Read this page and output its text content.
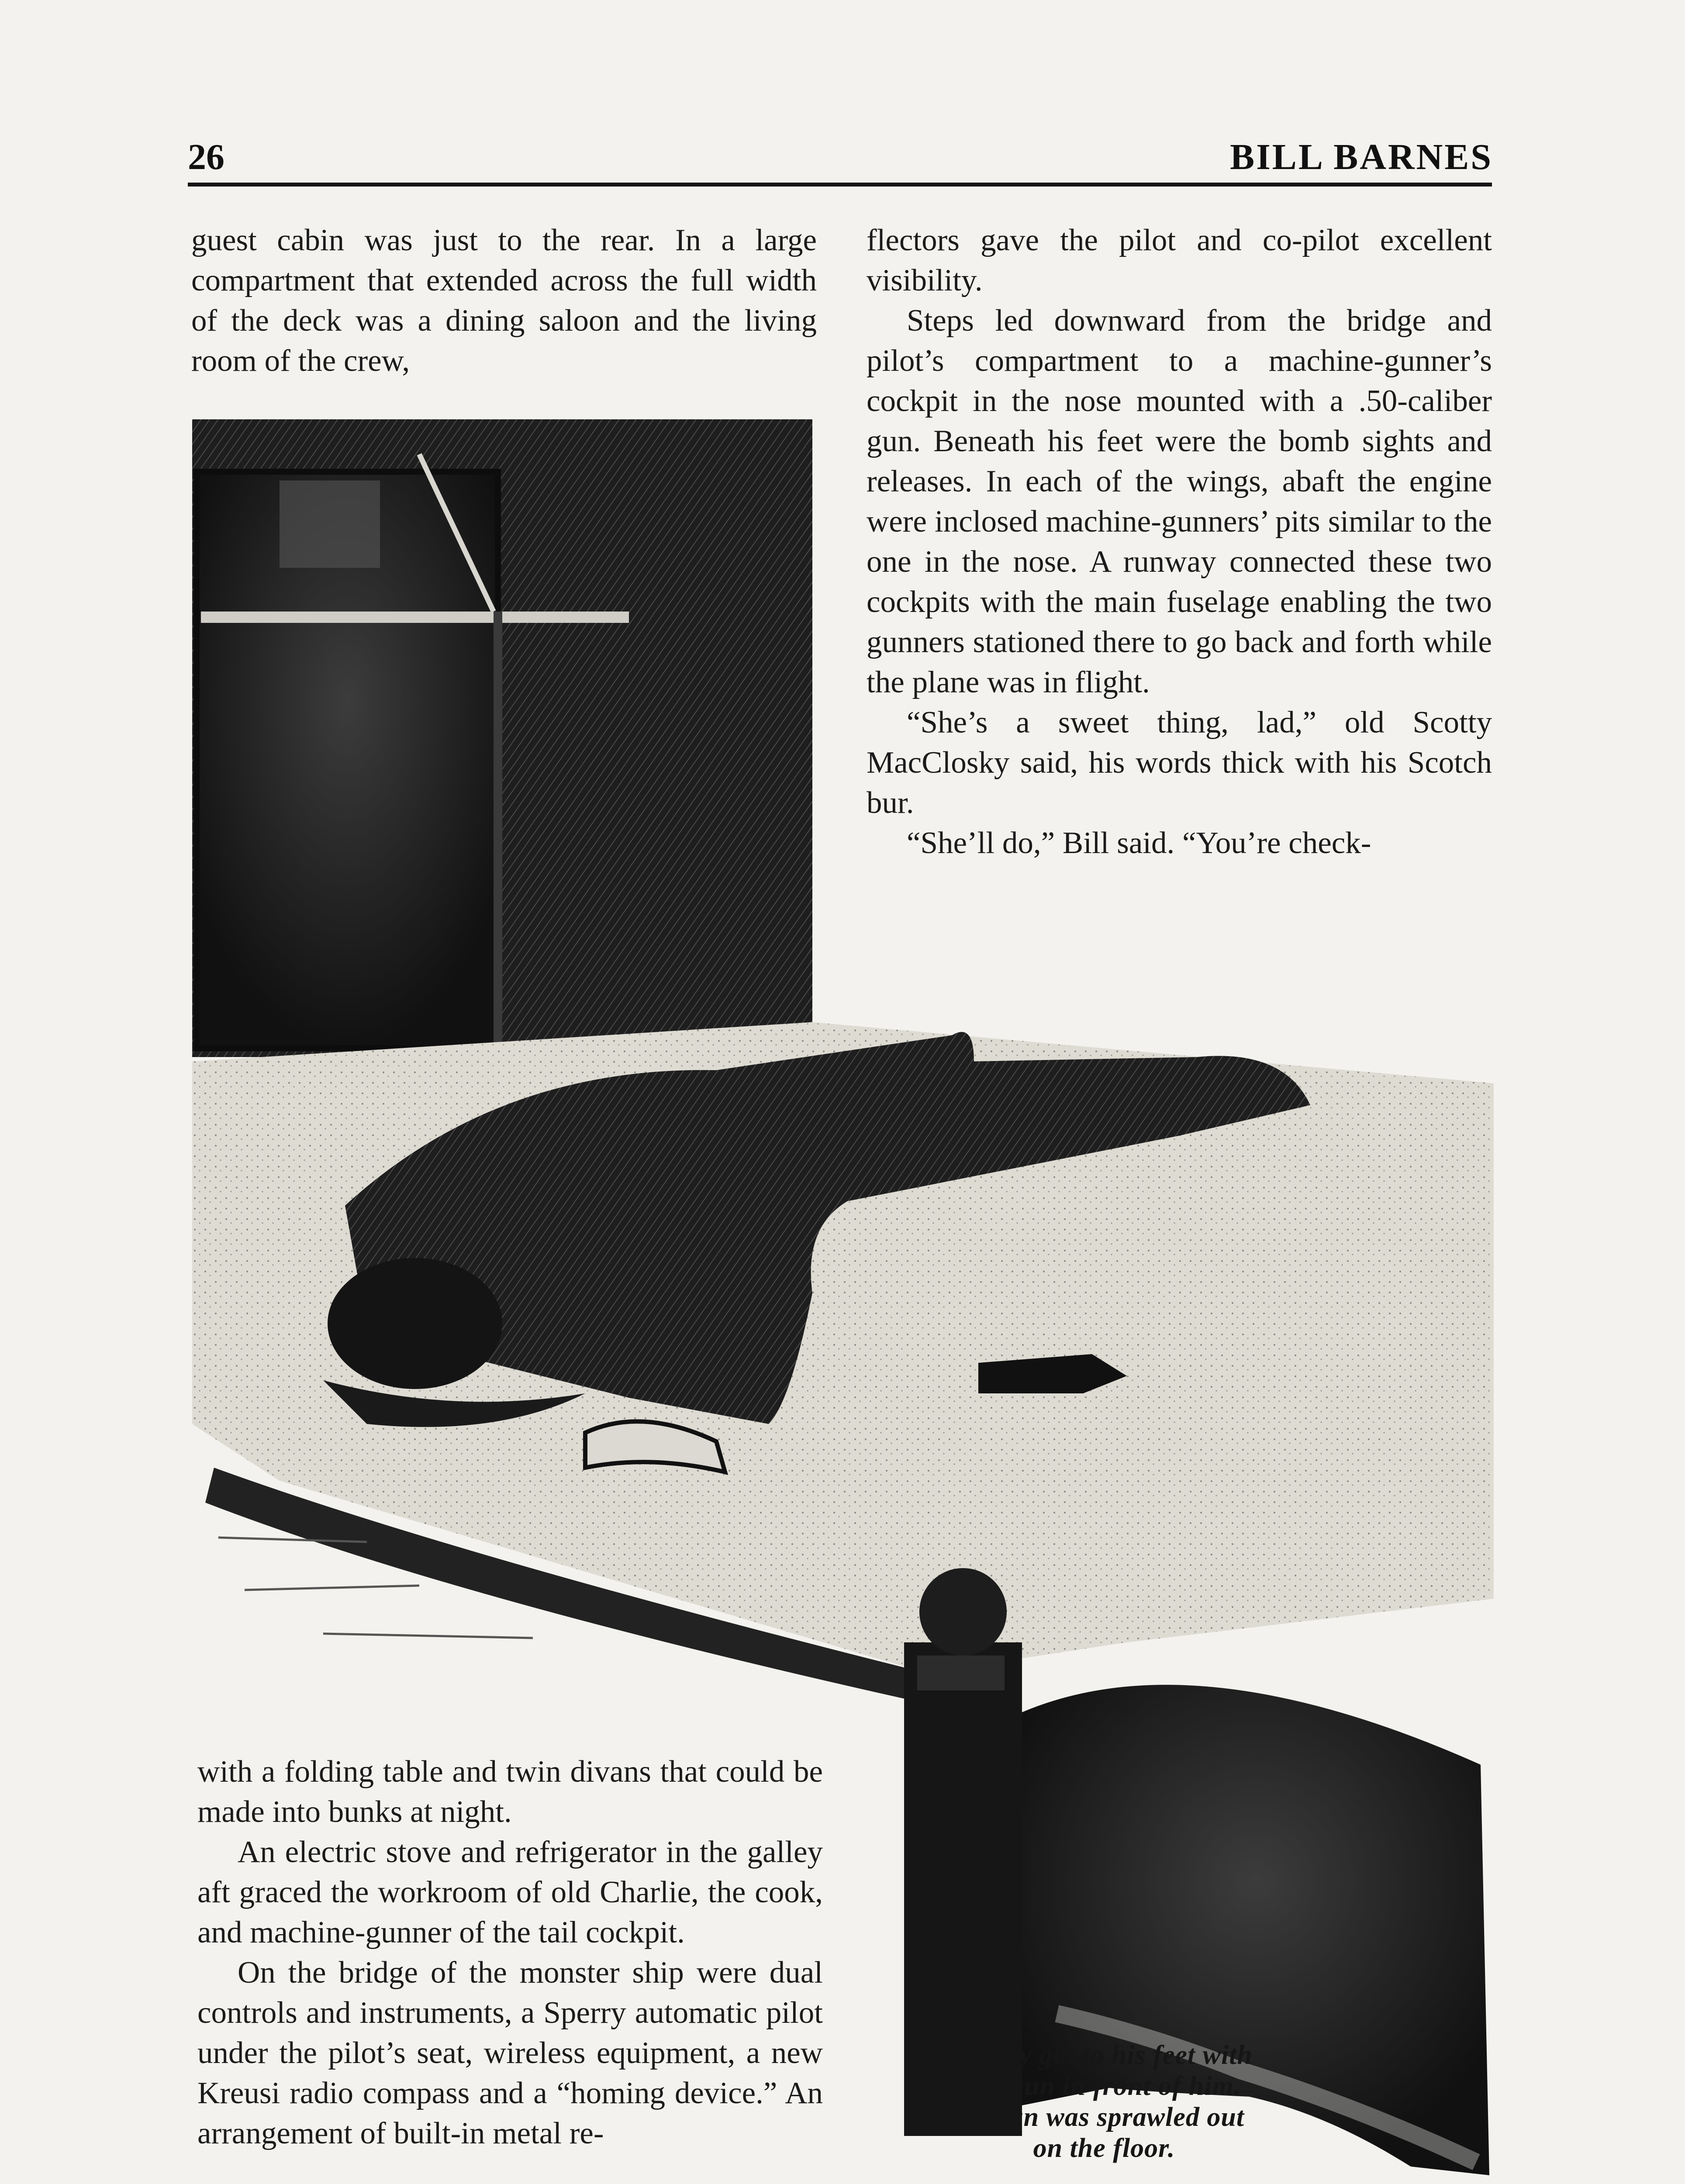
26	BILL BARNES

guest cabin was just to the rear. In a large compartment that extended across the full width of the deck was a dining saloon and the living room of the crew,

flectors gave the pilot and co-pilot excellent visibility.

Steps led downward from the bridge and pilot’s compartment to a machine-gunner’s cockpit in the nose mounted with a .50-caliber gun. Beneath his feet were the bomb sights and releases. In each of the wings, abaft the engine were inclosed machine-gunners’ pits similar to the one in the nose. A runway connected these two cockpits with the main fuselage enabling the two gunners stationed there to go back and forth while the plane was in flight.

“She’s a sweet thing, lad,” old Scotty MacClosky said, his words thick with his Scotch bur.

“She’ll do,” Bill said. “You’re check-

with a folding table and twin divans that could be made into bunks at night.

An electric stove and refrigerator in the galley aft graced the workroom of old Charlie, the cook, and machine-gunner of the tail cockpit.

On the bridge of the monster ship were dual controls and instruments, a Sperry automatic pilot under the pilot’s seat, wireless equipment, a new Kreusi radio compass and a “homing device.” An arrangement of built-in metal re-

Shorty got to his feet with
the gun in front of him.
A man was sprawled out
on the floor.
